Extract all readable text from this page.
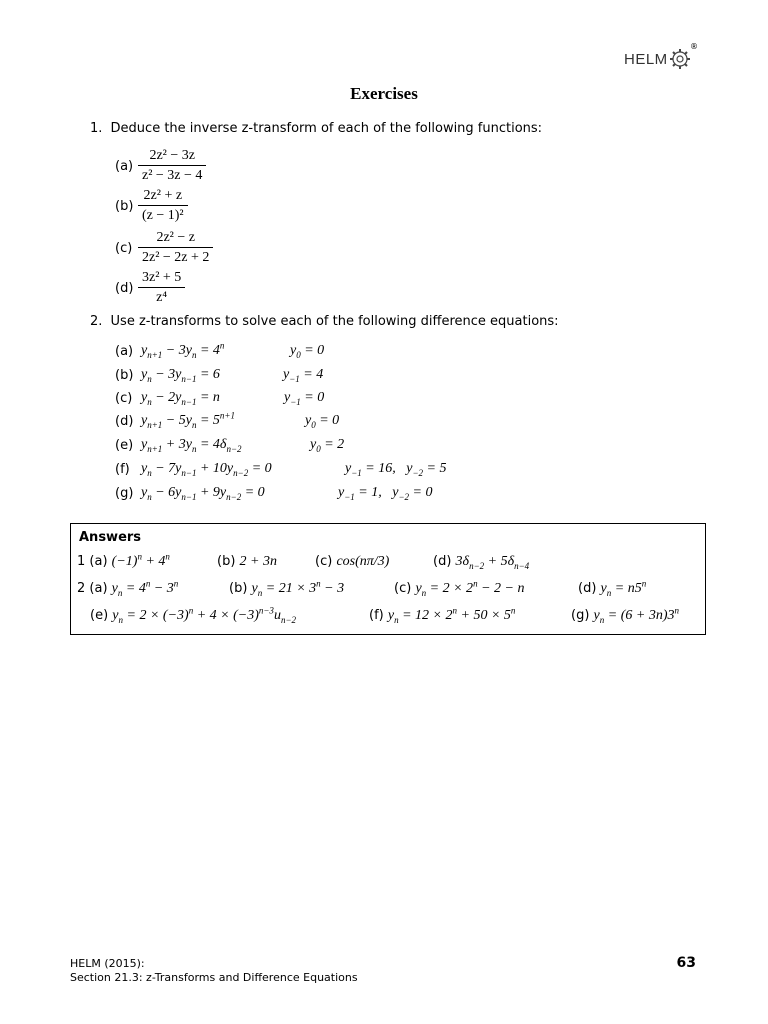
HELM
®
Exercises
1. Deduce the inverse z-transform of each of the following functions:
$(a) \frac{\text{2z² − 3z}}{\text{z² − 3z − 4}}$
$(b) \frac{\text{2z² + z}}{\text{(z − 1)²}}$
$(c) \frac{\text{2z² − z}}{\text{2z² − 2z + 2}}$
$(d) \frac{\text{3z² + 5}}{\text{z⁴}}$
2. Use z-transforms to solve each of the following difference equations:
(a) $y_{n+1} - 3y_n = 4^n$	$y_0 = 0$
(b) $y_n - 3y_{n-1} = 6$	$y_{-1} = 4$
(c) $y_n - 2y_{n-1} = n$	$y_{-1} = 0$
(d) $y_{n+1} - 5y_n = 5^{n+1}$	$y_0 = 0$
(e) $y_{n+1} + 3y_n = 4\delta_{n-2}$	$y_0 = 2$
(f) $y_n - 7y_{n-1} + 10y_{n-2} = 0$	$y_{-1} = 16$,   $y_{-2} = 5$
(g) $y_n - 6y_{n-1} + 9y_{n-2} = 0$	$y_{-1} = 1$,   $y_{-2} = 0$
Answers
1 (a) $(-1)^n + 4^n$	(b) 2 + 3n	(c) cos(nπ/3)	(d) $3\delta_{n-2} + 5\delta_{n-4}$
2 (a) $y_n = 4^n - 3^n$	(b) $y_n = 21 \times 3^n - 3$	(c) $y_n = 2 \times 2^n - 2 - n$	(d) $y_n = n5^n$
(e) $y_n = 2 \times (-3)^n + 4 \times (-3)^{n-3}u_{n-2}$	(f) $y_n = 12 \times 2^n + 50 \times 5^n$	(g) $y_n = (6 + 3n)3^n$
HELM (2015):
Section 21.3: z-Transforms and Difference Equations
63
